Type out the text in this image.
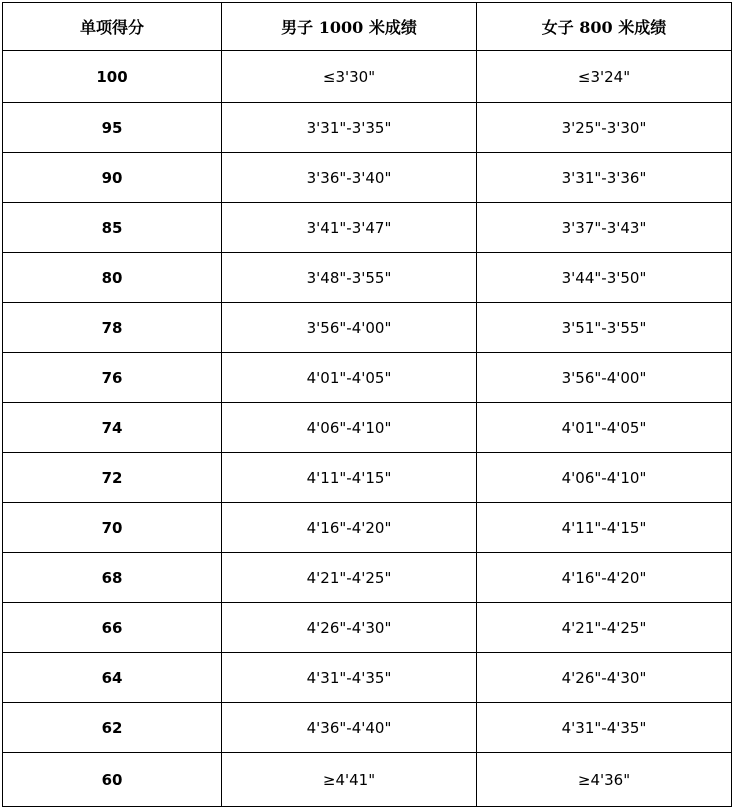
单项得分	男子 1000 米成绩	女子 800 米成绩
100	≤3'30"	≤3'24"
95	3'31"-3'35"	3'25"-3'30"
90	3'36"-3'40"	3'31"-3'36"
85	3'41"-3'47"	3'37"-3'43"
80	3'48"-3'55"	3'44"-3'50"
78	3'56"-4'00"	3'51"-3'55"
76	4'01"-4'05"	3'56"-4'00"
74	4'06"-4'10"	4'01"-4'05"
72	4'11"-4'15"	4'06"-4'10"
70	4'16"-4'20"	4'11"-4'15"
68	4'21"-4'25"	4'16"-4'20"
66	4'26"-4'30"	4'21"-4'25"
64	4'31"-4'35"	4'26"-4'30"
62	4'36"-4'40"	4'31"-4'35"
60	≥4'41"	≥4'36"
